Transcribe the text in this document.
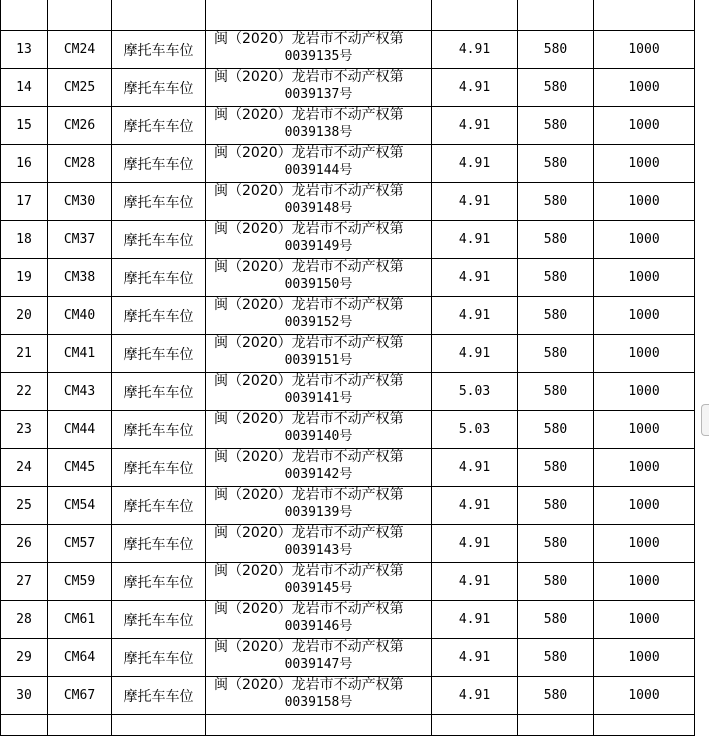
13	CM24	摩托车车位	闽（2020）龙岩市不动产权第
0039135号	4.91	580	1000
14	CM25	摩托车车位	闽（2020）龙岩市不动产权第
0039137号	4.91	580	1000
15	CM26	摩托车车位	闽（2020）龙岩市不动产权第
0039138号	4.91	580	1000
16	CM28	摩托车车位	闽（2020）龙岩市不动产权第
0039144号	4.91	580	1000
17	CM30	摩托车车位	闽（2020）龙岩市不动产权第
0039148号	4.91	580	1000
18	CM37	摩托车车位	闽（2020）龙岩市不动产权第
0039149号	4.91	580	1000
19	CM38	摩托车车位	闽（2020）龙岩市不动产权第
0039150号	4.91	580	1000
20	CM40	摩托车车位	闽（2020）龙岩市不动产权第
0039152号	4.91	580	1000
21	CM41	摩托车车位	闽（2020）龙岩市不动产权第
0039151号	4.91	580	1000
22	CM43	摩托车车位	闽（2020）龙岩市不动产权第
0039141号	5.03	580	1000
23	CM44	摩托车车位	闽（2020）龙岩市不动产权第
0039140号	5.03	580	1000
24	CM45	摩托车车位	闽（2020）龙岩市不动产权第
0039142号	4.91	580	1000
25	CM54	摩托车车位	闽（2020）龙岩市不动产权第
0039139号	4.91	580	1000
26	CM57	摩托车车位	闽（2020）龙岩市不动产权第
0039143号	4.91	580	1000
27	CM59	摩托车车位	闽（2020）龙岩市不动产权第
0039145号	4.91	580	1000
28	CM61	摩托车车位	闽（2020）龙岩市不动产权第
0039146号	4.91	580	1000
29	CM64	摩托车车位	闽（2020）龙岩市不动产权第
0039147号	4.91	580	1000
30	CM67	摩托车车位	闽（2020）龙岩市不动产权第
0039158号	4.91	580	1000
